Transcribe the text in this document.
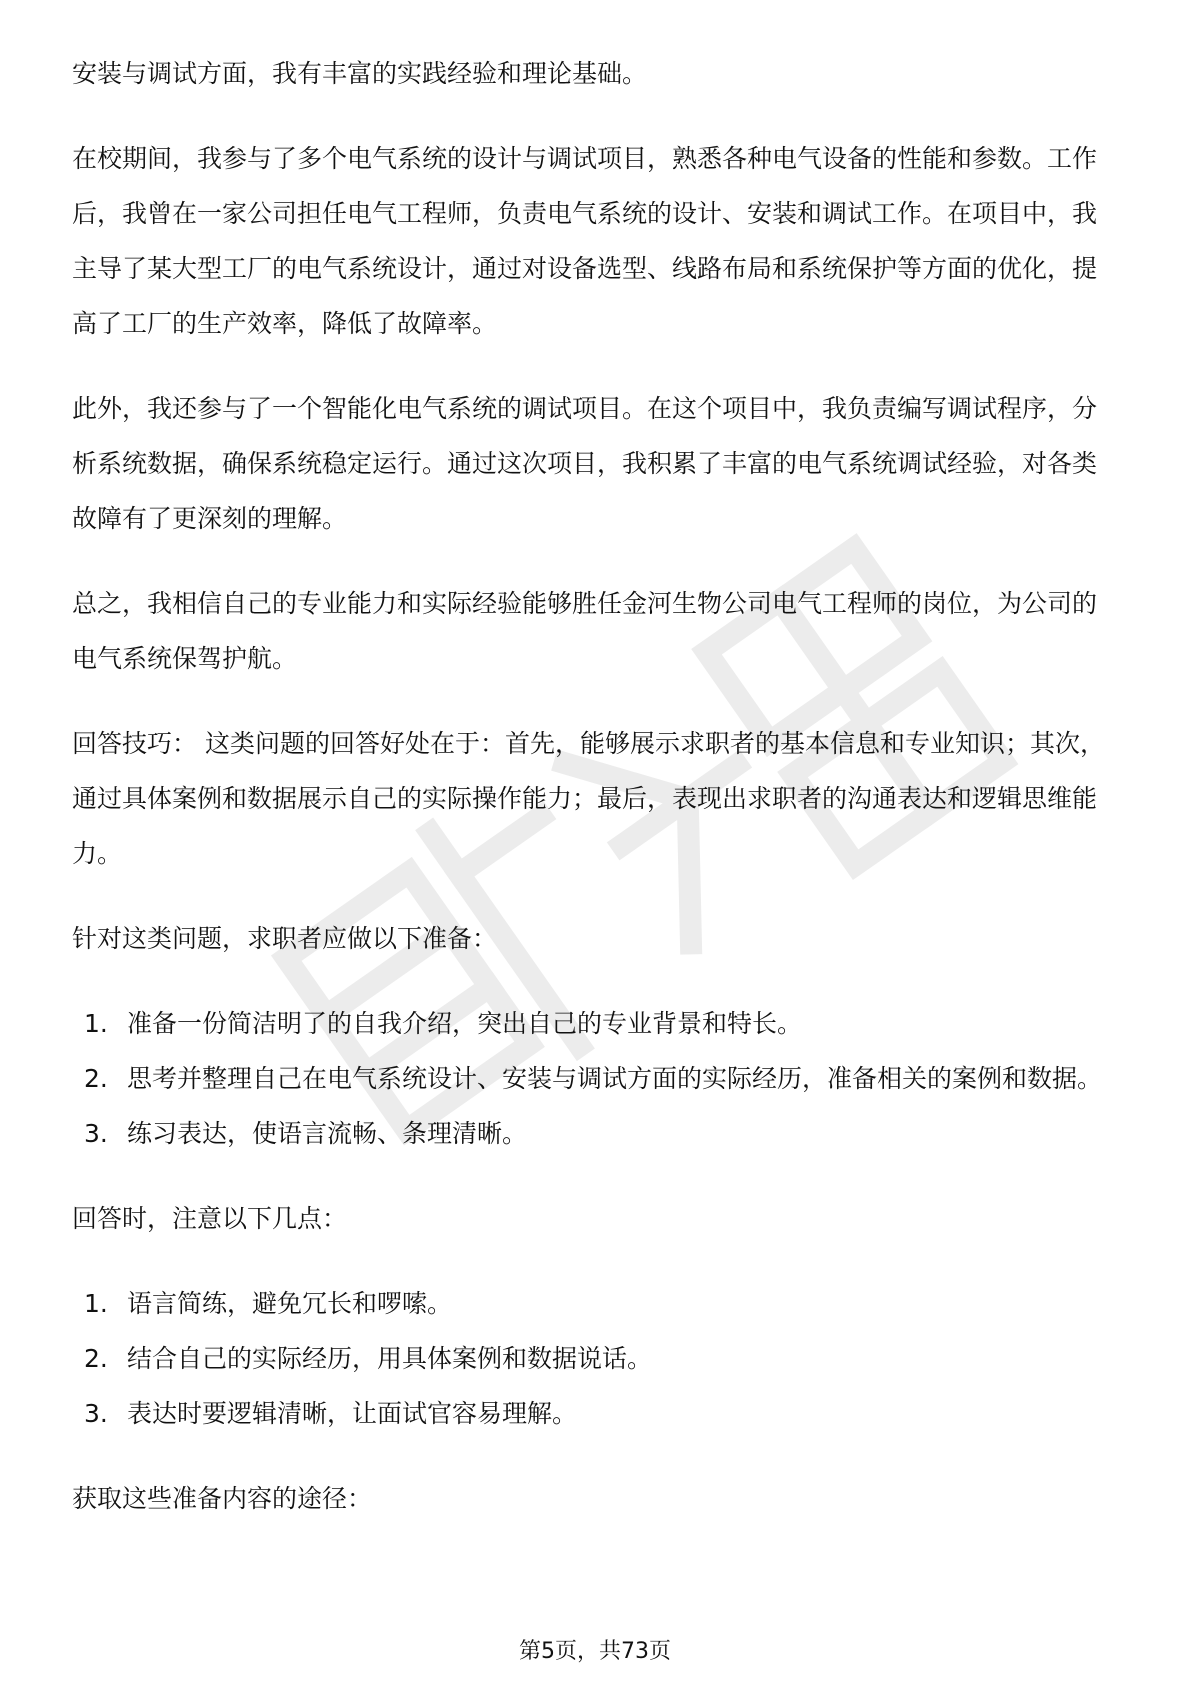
安装与调试方面，我有丰富的实践经验和理论基础。

在校期间，我参与了多个电气系统的设计与调试项目，熟悉各种电气设备的性能和参数。工作后，我曾在一家公司担任电气工程师，负责电气系统的设计、安装和调试工作。在项目中，我主导了某大型工厂的电气系统设计，通过对设备选型、线路布局和系统保护等方面的优化，提高了工厂的生产效率，降低了故障率。

此外，我还参与了一个智能化电气系统的调试项目。在这个项目中，我负责编写调试程序，分析系统数据，确保系统稳定运行。通过这次项目，我积累了丰富的电气系统调试经验，对各类故障有了更深刻的理解。

总之，我相信自己的专业能力和实际经验能够胜任金河生物公司电气工程师的岗位，为公司的电气系统保驾护航。

回答技巧： 这类问题的回答好处在于：首先，能够展示求职者的基本信息和专业知识；其次，通过具体案例和数据展示自己的实际操作能力；最后，表现出求职者的沟通表达和逻辑思维能力。

针对这类问题，求职者应做以下准备：

1. 准备一份简洁明了的自我介绍，突出自己的专业背景和特长。
2. 思考并整理自己在电气系统设计、安装与调试方面的实际经历，准备相关的案例和数据。
3. 练习表达，使语言流畅、条理清晰。

回答时，注意以下几点：

1. 语言简练，避免冗长和啰嗦。
2. 结合自己的实际经历，用具体案例和数据说话。
3. 表达时要逻辑清晰，让面试官容易理解。

获取这些准备内容的途径：

第5页，共73页
